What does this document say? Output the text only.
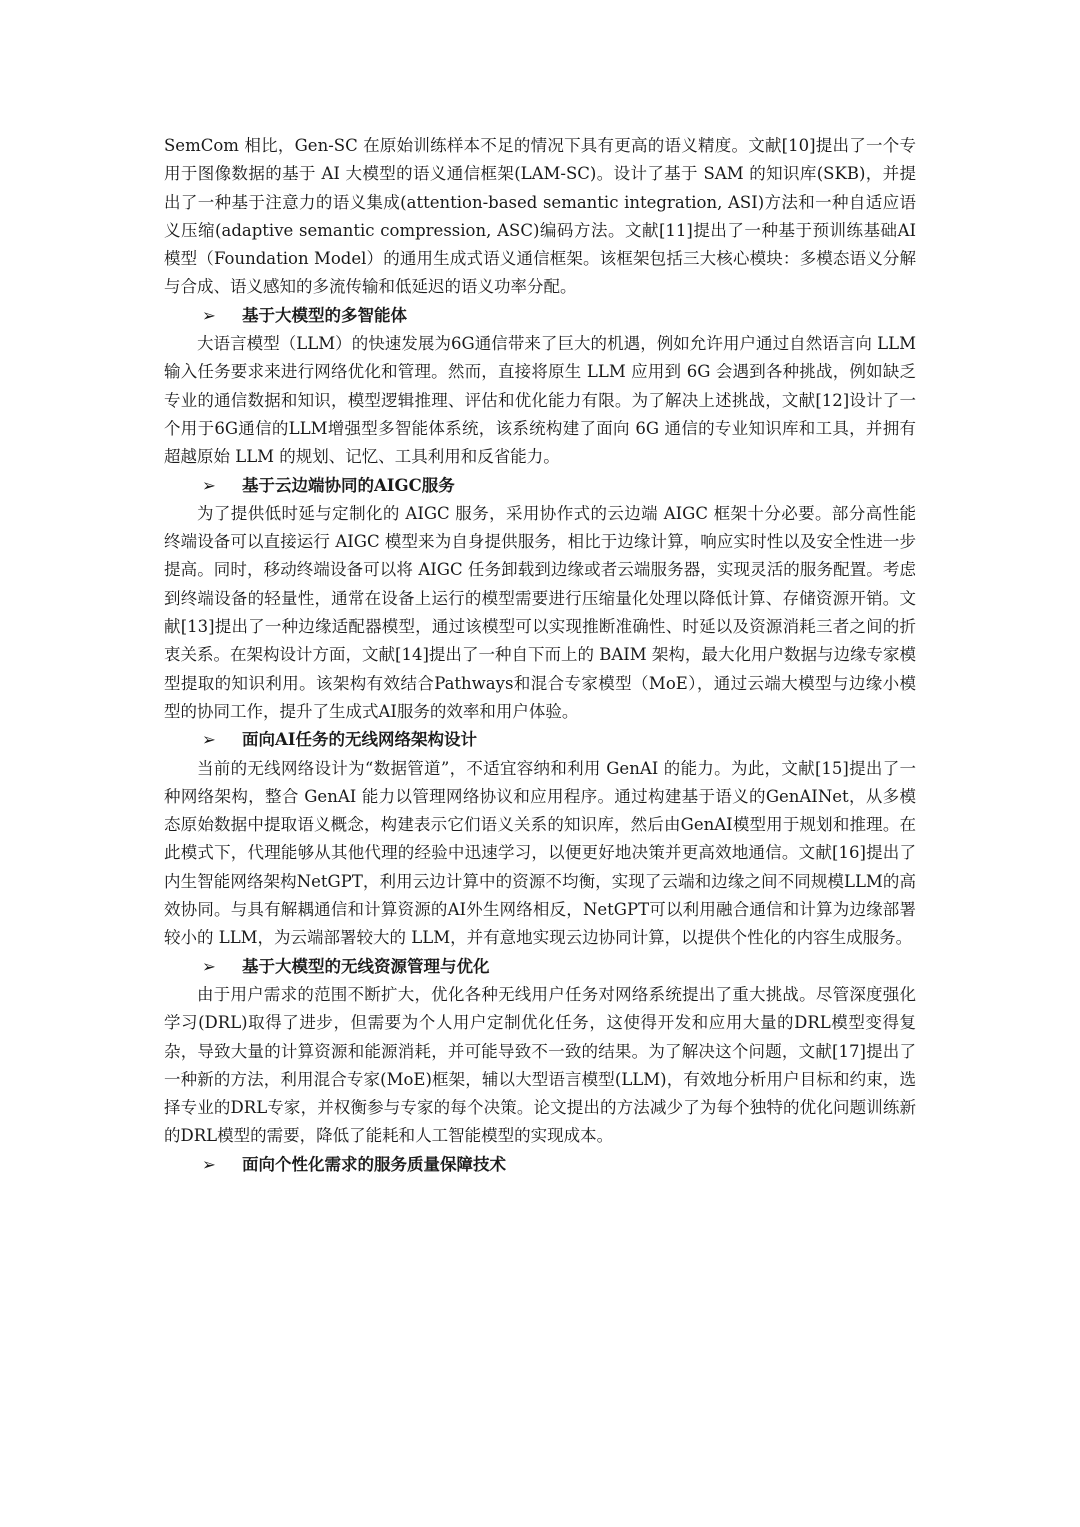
SemCom 相比，Gen-SC 在原始训练样本不足的情况下具有更高的语义精度。文献[10]提出了一个专用于图像数据的基于 AI 大模型的语义通信框架(LAM-SC)。设计了基于 SAM 的知识库(SKB)，并提出了一种基于注意力的语义集成(attention-based semantic integration, ASI)方法和一种自适应语义压缩(adaptive semantic compression, ASC)编码方法。文献[11]提出了一种基于预训练基础AI模型（Foundation Model）的通用生成式语义通信框架。该框架包括三大核心模块：多模态语义分解与合成、语义感知的多流传输和低延迟的语义功率分配。

➢	基于大模型的多智能体

大语言模型（LLM）的快速发展为6G通信带来了巨大的机遇，例如允许用户通过自然语言向 LLM 输入任务要求来进行网络优化和管理。然而，直接将原生 LLM 应用到 6G 会遇到各种挑战，例如缺乏专业的通信数据和知识，模型逻辑推理、评估和优化能力有限。为了解决上述挑战，文献[12]设计了一个用于6G通信的LLM增强型多智能体系统，该系统构建了面向 6G 通信的专业知识库和工具，并拥有超越原始 LLM 的规划、记忆、工具利用和反省能力。

➢	基于云边端协同的AIGC服务

为了提供低时延与定制化的 AIGC 服务，采用协作式的云边端 AIGC 框架十分必要。部分高性能终端设备可以直接运行 AIGC 模型来为自身提供服务，相比于边缘计算，响应实时性以及安全性进一步提高。同时，移动终端设备可以将 AIGC 任务卸载到边缘或者云端服务器，实现灵活的服务配置。考虑到终端设备的轻量性，通常在设备上运行的模型需要进行压缩量化处理以降低计算、存储资源开销。文献[13]提出了一种边缘适配器模型，通过该模型可以实现推断准确性、时延以及资源消耗三者之间的折衷关系。在架构设计方面，文献[14]提出了一种自下而上的 BAIM 架构，最大化用户数据与边缘专家模型提取的知识利用。该架构有效结合Pathways和混合专家模型（MoE），通过云端大模型与边缘小模型的协同工作，提升了生成式AI服务的效率和用户体验。

➢	面向AI任务的无线网络架构设计

当前的无线网络设计为“数据管道”，不适宜容纳和利用 GenAI 的能力。为此，文献[15]提出了一种网络架构，整合 GenAI 能力以管理网络协议和应用程序。通过构建基于语义的GenAINet，从多模态原始数据中提取语义概念，构建表示它们语义关系的知识库，然后由GenAI模型用于规划和推理。在此模式下，代理能够从其他代理的经验中迅速学习，以便更好地决策并更高效地通信。文献[16]提出了内生智能网络架构NetGPT，利用云边计算中的资源不均衡，实现了云端和边缘之间不同规模LLM的高效协同。与具有解耦通信和计算资源的AI外生网络相反，NetGPT可以利用融合通信和计算为边缘部署较小的 LLM，为云端部署较大的 LLM，并有意地实现云边协同计算，以提供个性化的内容生成服务。

➢	基于大模型的无线资源管理与优化

由于用户需求的范围不断扩大，优化各种无线用户任务对网络系统提出了重大挑战。尽管深度强化学习(DRL)取得了进步，但需要为个人用户定制优化任务，这使得开发和应用大量的DRL模型变得复杂，导致大量的计算资源和能源消耗，并可能导致不一致的结果。为了解决这个问题，文献[17]提出了一种新的方法，利用混合专家(MoE)框架，辅以大型语言模型(LLM)，有效地分析用户目标和约束，选择专业的DRL专家，并权衡参与专家的每个决策。论文提出的方法减少了为每个独特的优化问题训练新的DRL模型的需要，降低了能耗和人工智能模型的实现成本。

➢	面向个性化需求的服务质量保障技术
